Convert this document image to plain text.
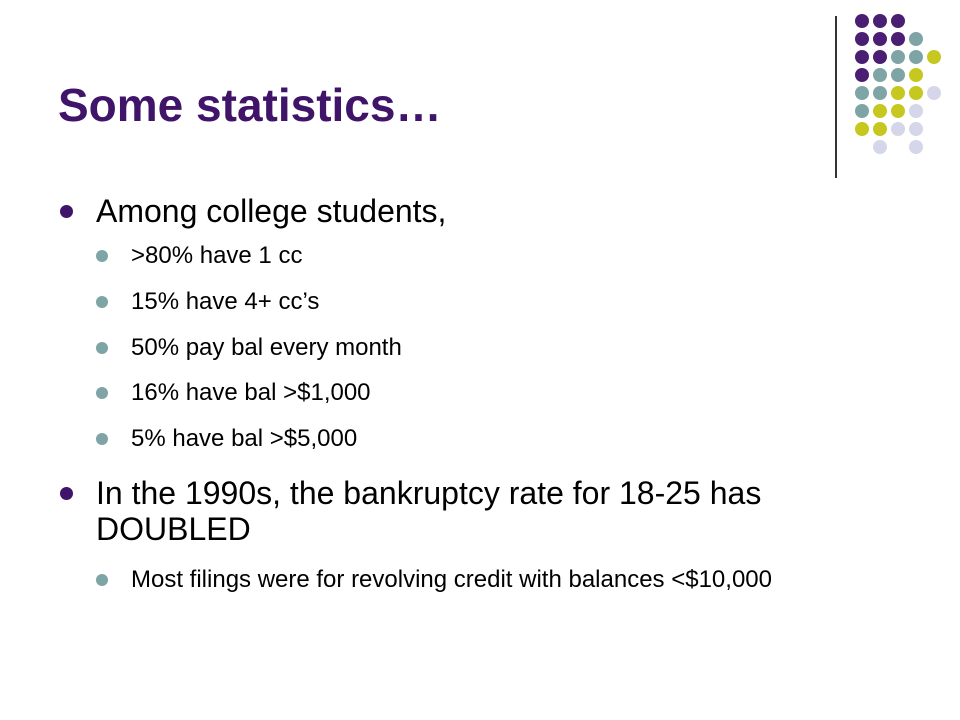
Some statistics…
Among college students,
>80% have 1 cc
15% have 4+ cc’s
50% pay bal every month
16% have bal >$1,000
5% have bal >$5,000
In the 1990s, the bankruptcy rate for 18-25 has DOUBLED
Most filings were for revolving credit with balances <$10,000
